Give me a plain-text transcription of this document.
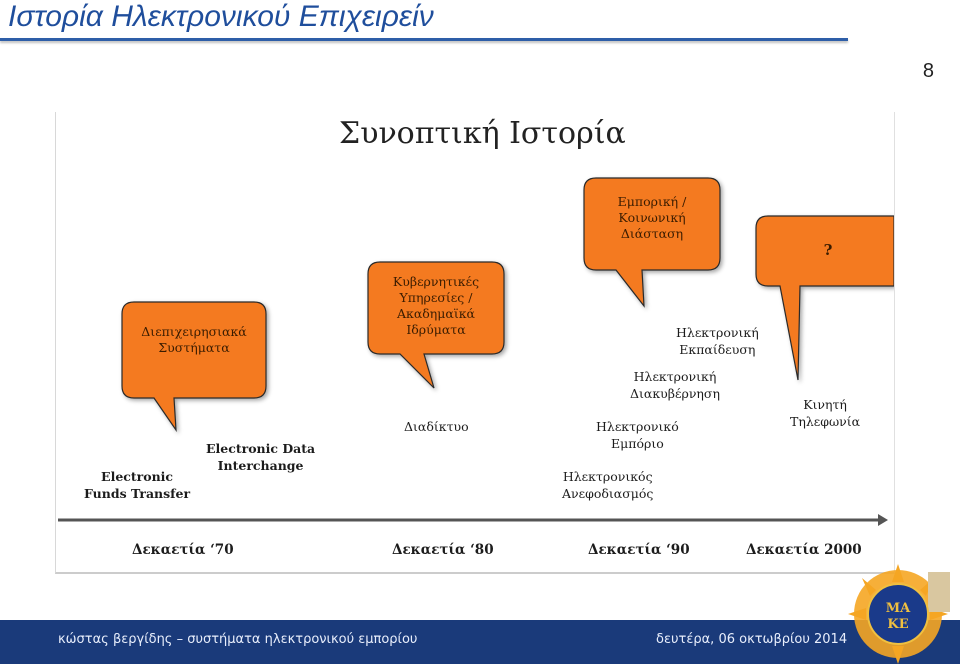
Ιστορία Ηλεκτρονικού Επιχειρείν
8
Συνοπτική Ιστορία
Διεπιχειρησιακά
Συστήματα
Κυβερνητικές
Υπηρεσίες /
Ακαδημαϊκά
Ιδρύματα
Εμπορική /
Κοινωνική
Διάσταση
?
Electronic
Funds Transfer
Electronic Data
Interchange
Διαδίκτυο
Ηλεκτρονική
Εκπαίδευση
Ηλεκτρονική
Διακυβέρνηση
Ηλεκτρονικό
Εμπόριο
Ηλεκτρονικός
Ανεφοδιασμός
Κινητή
Τηλεφωνία
Δεκαετία ‘70	Δεκαετία ‘80	Δεκαετία ‘90	Δεκαετία 2000
κώστας βεργίδης – συστήματα ηλεκτρονικού εμπορίου	δευτέρα, 06 οκτωβρίου 2014
ΜΑ
ΚΕ
